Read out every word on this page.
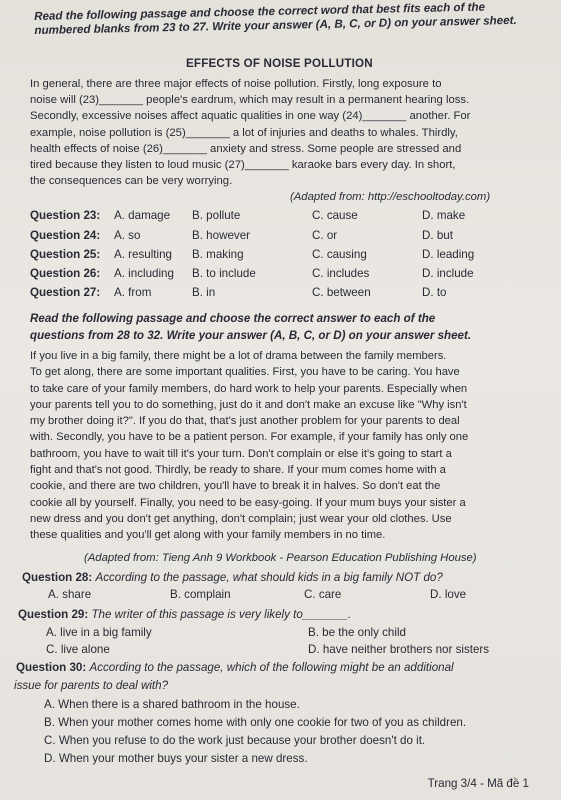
Read the following passage and choose the correct word that best fits each of the numbered blanks from 23 to 27. Write your answer (A, B, C, or D) on your answer sheet.
EFFECTS OF NOISE POLLUTION

In general, there are three major effects of noise pollution. Firstly, long exposure to

noise will (23)_______ people's eardrum, which may result in a permanent hearing loss.

Secondly, excessive noises affect aquatic qualities in one way (24)_______ another. For

example, noise pollution is (25)_______ a lot of injuries and deaths to whales. Thirdly,

health effects of noise (26)_______ anxiety and stress. Some people are stressed and

tired because they listen to loud music (27)_______ karaoke bars every day. In short,

the consequences can be very worrying.

(Adapted from: http://eschooltoday.com)
Question 23: A. damage B. pollute	C. cause	D. make
Question 24: A. so	B. however	C. or	D. but
Question 25: A. resulting B. making	C. causing	D. leading
Question 26: A. including B. to include	C. includes	D. include
Question 27: A. from	B. in	C. between	D. to
Read the following passage and choose the correct answer to each of the
questions from 28 to 32. Write your answer (A, B, C, or D) on your answer sheet.

If you live in a big family, there might be a lot of drama between the family members.

To get along, there are some important qualities. First, you have to be caring. You have

to take care of your family members, do hard work to help your parents. Especially when

your parents tell you to do something, just do it and don't make an excuse like "Why isn't

my brother doing it?". If you do that, that's just another problem for your parents to deal

with. Secondly, you have to be a patient person. For example, if your family has only one

bathroom, you have to wait till it's your turn. Don't complain or else it's going to start a

fight and that's not good. Thirdly, be ready to share. If your mum comes home with a

cookie, and there are two children, you'll have to break it in halves. So don't eat the

cookie all by yourself. Finally, you need to be easy-going. If your mum buys your sister a

new dress and you don't get anything, don't complain; just wear your old clothes. Use

these qualities and you'll get along with your family members in no time.

(Adapted from: Tieng Anh 9 Workbook - Pearson Education Publishing House)
Question 28: According to the passage, what should kids in a big family NOT do?
A. share	B. complain	C. care	D. love
Question 29: The writer of this passage is very likely to_______.
A. live in a big family	B. be the only child
C. live alone	D. have neither brothers nor sisters
Question 30: According to the passage, which of the following might be an additional
issue for parents to deal with?
A. When there is a shared bathroom in the house.
B. When your mother comes home with only one cookie for two of you as children.
C. When you refuse to do the work just because your brother doesn't do it.
D. When your mother buys your sister a new dress.
Trang 3/4 - Mã đề 1
